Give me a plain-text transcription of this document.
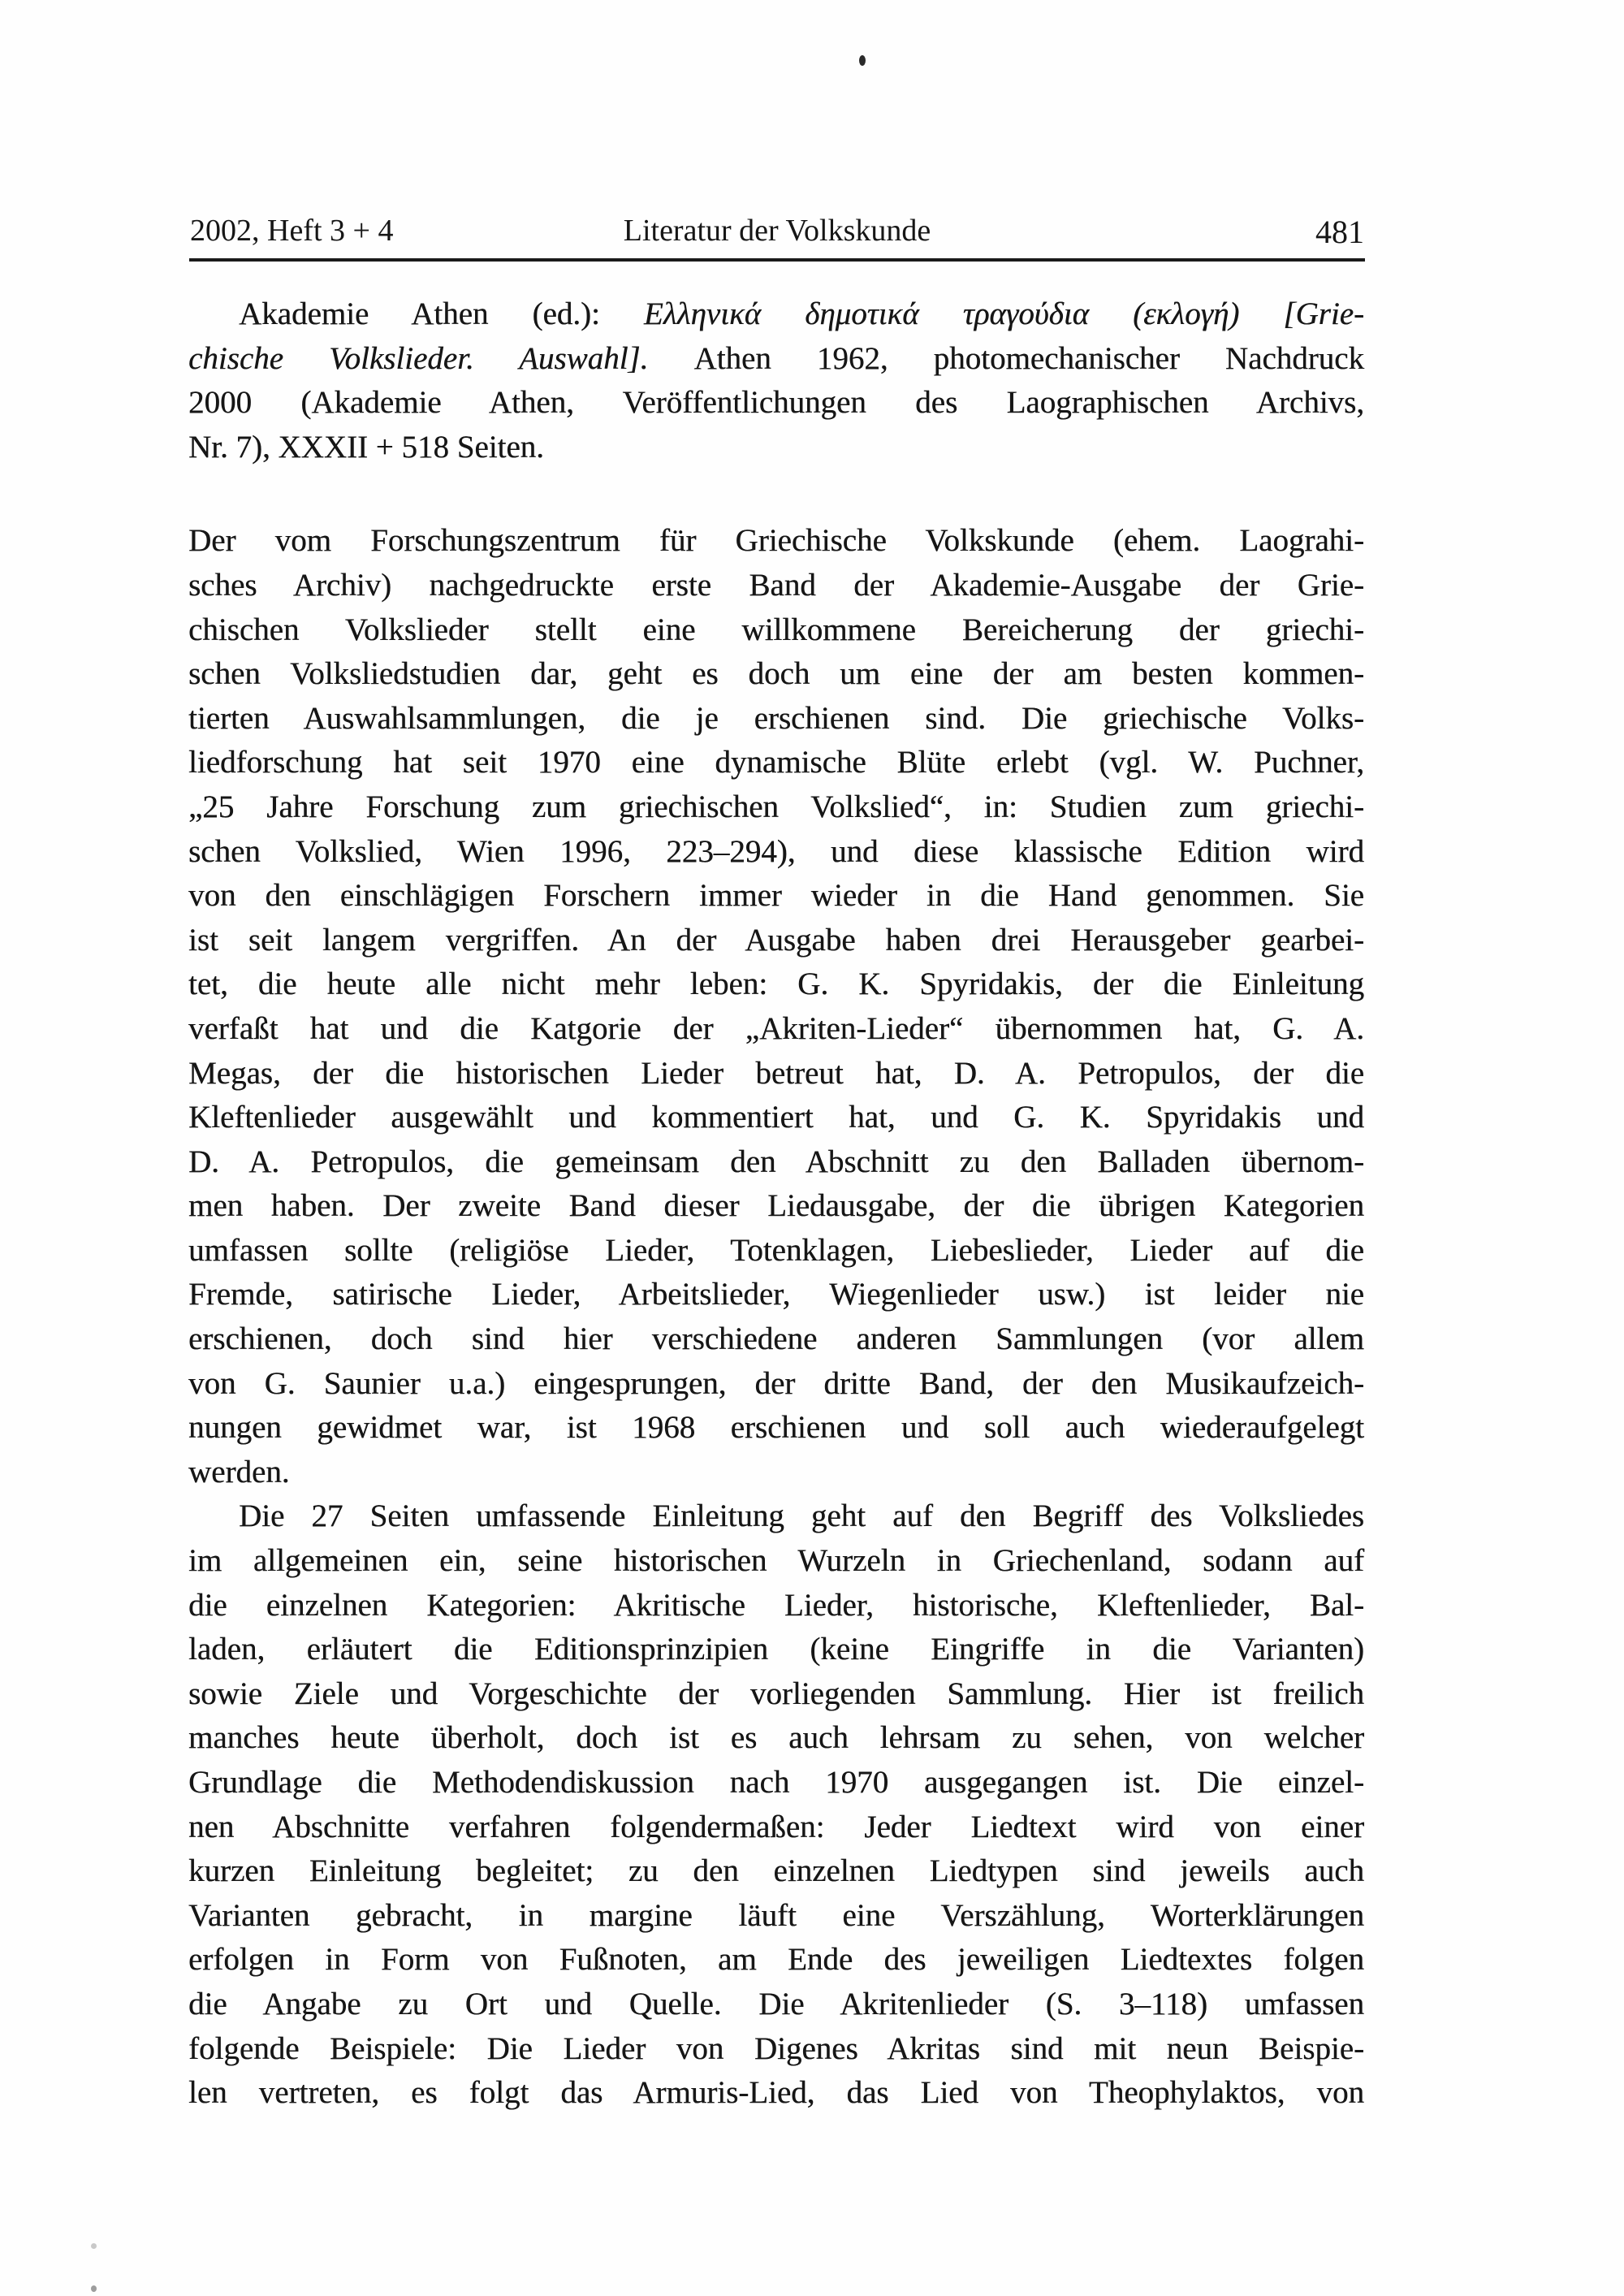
2002, Heft 3 + 4	Literatur der Volkskunde	481
Akademie Athen (ed.): Ελληνικά δημοτικά τραγούδια (εκλογή) [Grie-
chische Volkslieder. Auswahl]. Athen 1962, photomechanischer Nachdruck
2000 (Akademie Athen, Veröffentlichungen des Laographischen Archivs,
Nr. 7), XXXII + 518 Seiten.
Der vom Forschungszentrum für Griechische Volkskunde (ehem. Laograhi-
sches Archiv) nachgedruckte erste Band der Akademie-Ausgabe der Grie-
chischen Volkslieder stellt eine willkommene Bereicherung der griechi-
schen Volksliedstudien dar, geht es doch um eine der am besten kommen-
tierten Auswahlsammlungen, die je erschienen sind. Die griechische Volks-
liedforschung hat seit 1970 eine dynamische Blüte erlebt (vgl. W. Puchner,
„25 Jahre Forschung zum griechischen Volkslied“, in: Studien zum griechi-
schen Volkslied, Wien 1996, 223–294), und diese klassische Edition wird
von den einschlägigen Forschern immer wieder in die Hand genommen. Sie
ist seit langem vergriffen. An der Ausgabe haben drei Herausgeber gearbei-
tet, die heute alle nicht mehr leben: G. K. Spyridakis, der die Einleitung
verfaßt hat und die Katgorie der „Akriten-Lieder“ übernommen hat, G. A.
Megas, der die historischen Lieder betreut hat, D. A. Petropulos, der die
Kleftenlieder ausgewählt und kommentiert hat, und G. K. Spyridakis und
D. A. Petropulos, die gemeinsam den Abschnitt zu den Balladen übernom-
men haben. Der zweite Band dieser Liedausgabe, der die übrigen Kategorien
umfassen sollte (religiöse Lieder, Totenklagen, Liebeslieder, Lieder auf die
Fremde, satirische Lieder, Arbeitslieder, Wiegenlieder usw.) ist leider nie
erschienen, doch sind hier verschiedene anderen Sammlungen (vor allem
von G. Saunier u.a.) eingesprungen, der dritte Band, der den Musikaufzeich-
nungen gewidmet war, ist 1968 erschienen und soll auch wiederaufgelegt
werden.
Die 27 Seiten umfassende Einleitung geht auf den Begriff des Volksliedes
im allgemeinen ein, seine historischen Wurzeln in Griechenland, sodann auf
die einzelnen Kategorien: Akritische Lieder, historische, Kleftenlieder, Bal-
laden, erläutert die Editionsprinzipien (keine Eingriffe in die Varianten)
sowie Ziele und Vorgeschichte der vorliegenden Sammlung. Hier ist freilich
manches heute überholt, doch ist es auch lehrsam zu sehen, von welcher
Grundlage die Methodendiskussion nach 1970 ausgegangen ist. Die einzel-
nen Abschnitte verfahren folgendermaßen: Jeder Liedtext wird von einer
kurzen Einleitung begleitet; zu den einzelnen Liedtypen sind jeweils auch
Varianten gebracht, in margine läuft eine Verszählung, Worterklärungen
erfolgen in Form von Fußnoten, am Ende des jeweiligen Liedtextes folgen
die Angabe zu Ort und Quelle. Die Akritenlieder (S. 3–118) umfassen
folgende Beispiele: Die Lieder von Digenes Akritas sind mit neun Beispie-
len vertreten, es folgt das Armuris-Lied, das Lied von Theophylaktos, von
